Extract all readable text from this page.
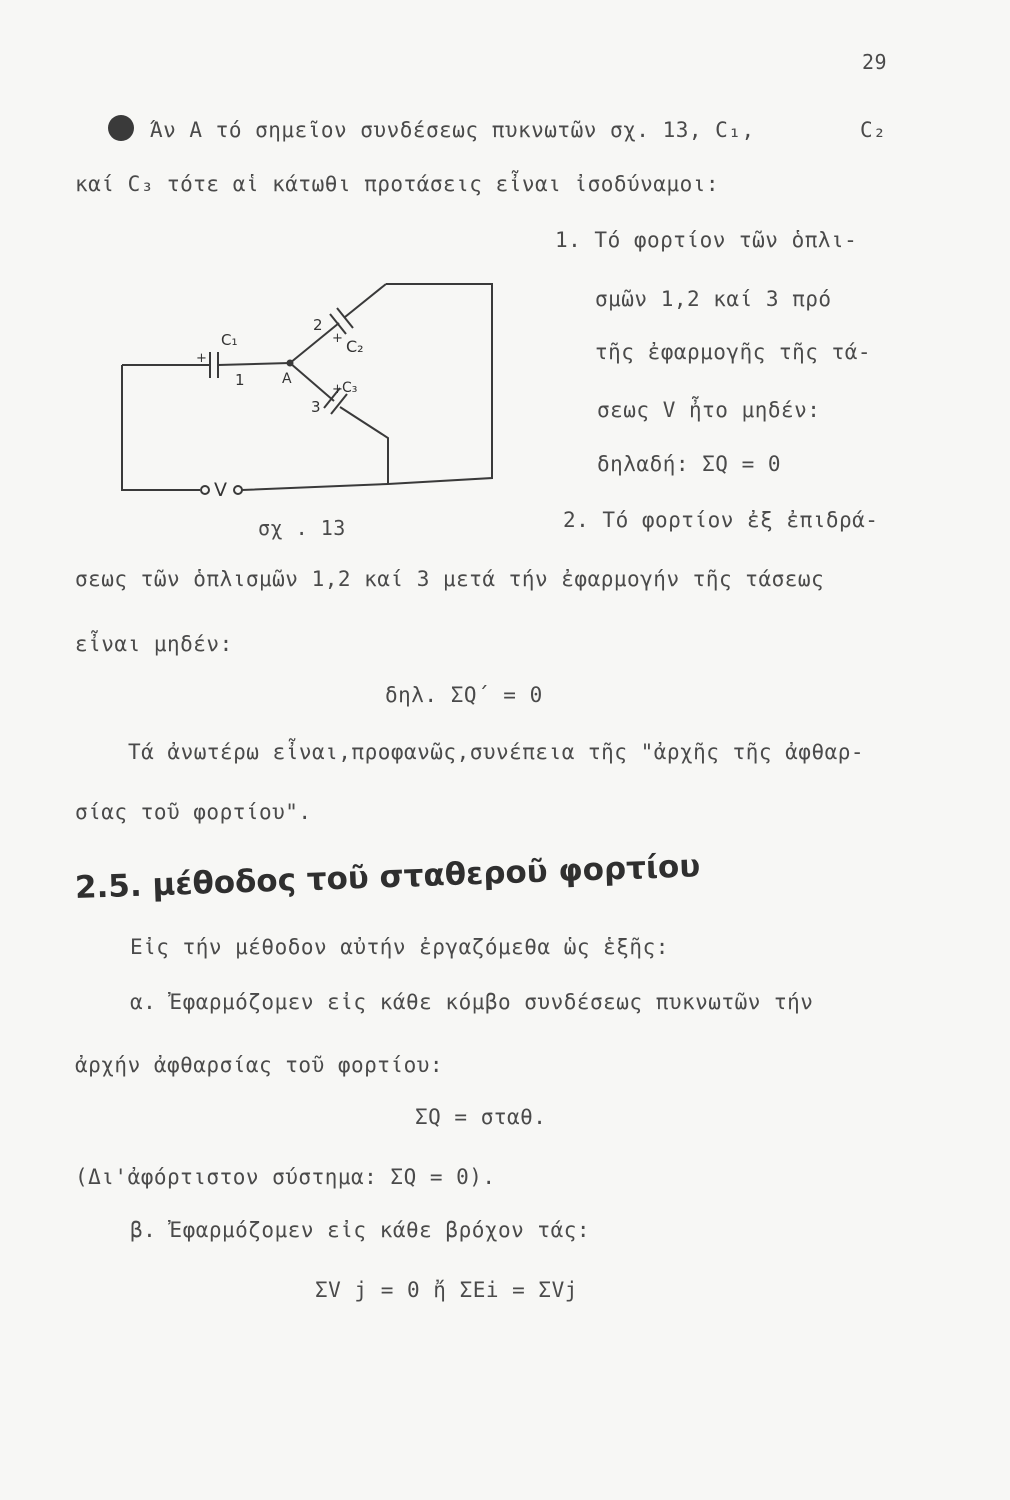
29
Άν Α τό σημεῖον συνδέσεως πυκνωτῶν σχ. 13, C₁,	C₂
καί C₃ τότε αἱ κάτωθι προτάσεις εἶναι ἰσοδύναμοι:
1. Τό φορτίον τῶν ὁπλι-
σμῶν 1,2 καί 3 πρό
τῆς ἐφαρμογῆς τῆς τά-
σεως V ἦτο μηδέν:
δηλαδή: ΣQ = 0
C₁
+
1	A
2
+ C₂
+ C₃
3
V
σχ . 13	2. Τό φορτίον ἐξ ἐπιδρά-
σεως τῶν ὁπλισμῶν 1,2 καί 3 μετά τήν ἐφαρμογήν τῆς τάσεως
εἶναι μηδέν:
δηλ. ΣQ΄ = 0
Τά ἀνωτέρω εἶναι,προφανῶς,συνέπεια τῆς "ἀρχῆς τῆς ἀφθαρ-
σίας τοῦ φορτίου".
2.5. μέθοδος τοῦ σταθεροῦ φορτίου
Εἰς τήν μέθοδον αὐτήν ἐργαζόμεθα ὡς ἑξῆς:
α. Ἐφαρμόζομεν εἰς κάθε κόμβο συνδέσεως πυκνωτῶν τήν
ἀρχήν ἀφθαρσίας τοῦ φορτίου:
ΣQ = σταθ.
(Δι'ἀφόρτιστον σύστημα: ΣQ = 0).
β. Ἐφαρμόζομεν εἰς κάθε βρόχον τάς:
ΣV j = 0 ἤ ΣEi = ΣVj
